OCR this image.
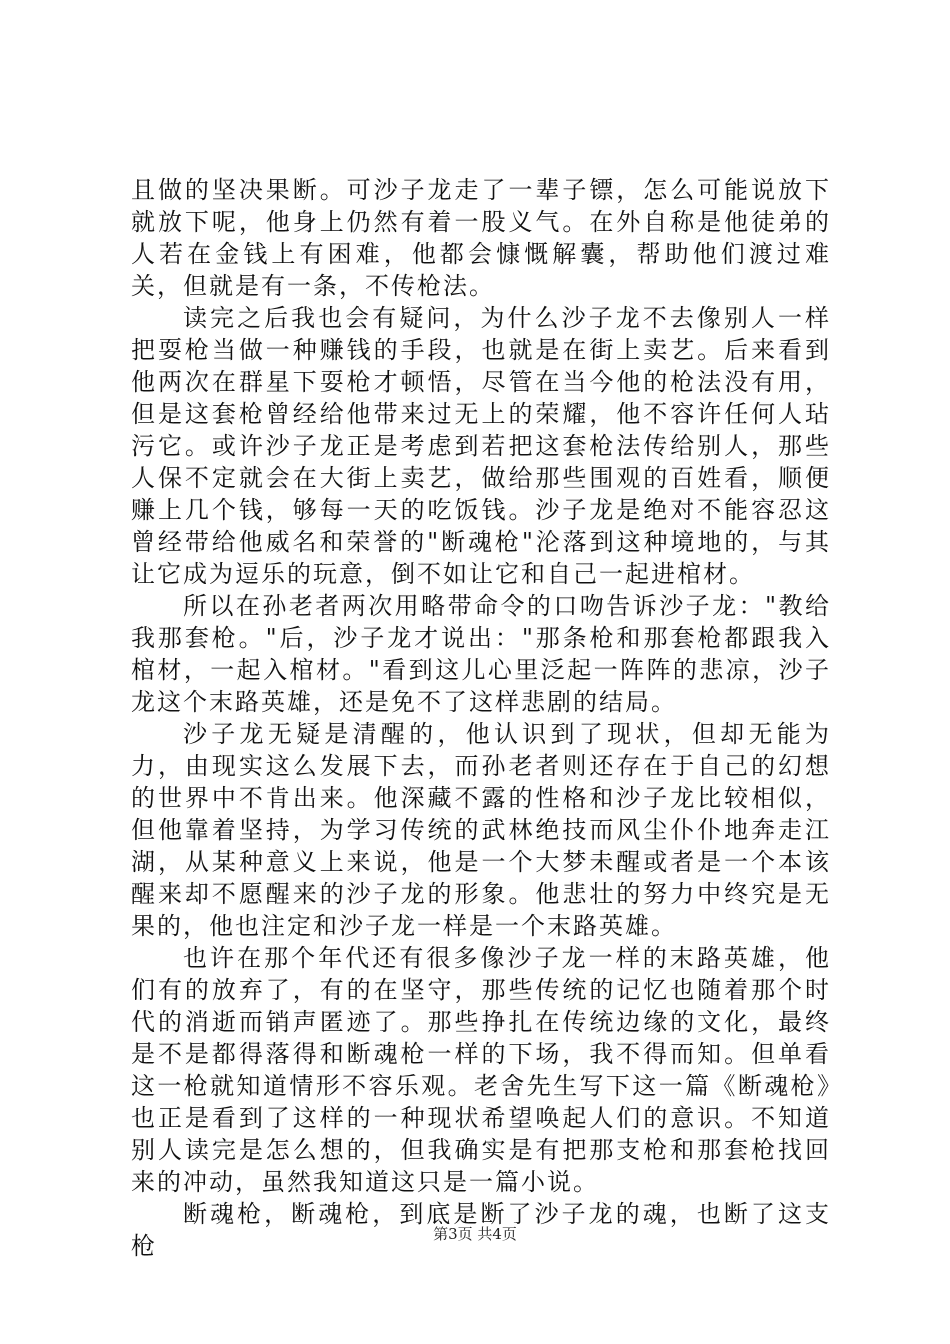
且做的坚决果断。可沙子龙走了一辈子镖，怎么可能说放下就放下呢，他身上仍然有着一股义气。在外自称是他徒弟的人若在金钱上有困难，他都会慷慨解囊，帮助他们渡过难关，但就是有一条，不传枪法。

读完之后我也会有疑问，为什么沙子龙不去像别人一样把耍枪当做一种赚钱的手段，也就是在街上卖艺。后来看到他两次在群星下耍枪才顿悟，尽管在当今他的枪法没有用，但是这套枪曾经给他带来过无上的荣耀，他不容许任何人玷污它。或许沙子龙正是考虑到若把这套枪法传给别人，那些人保不定就会在大街上卖艺，做给那些围观的百姓看，顺便赚上几个钱，够每一天的吃饭钱。沙子龙是绝对不能容忍这曾经带给他威名和荣誉的"断魂枪"沦落到这种境地的，与其让它成为逗乐的玩意，倒不如让它和自己一起进棺材。

所以在孙老者两次用略带命令的口吻告诉沙子龙："教给我那套枪。"后，沙子龙才说出："那条枪和那套枪都跟我入棺材，一起入棺材。"看到这儿心里泛起一阵阵的悲凉，沙子龙这个末路英雄，还是免不了这样悲剧的结局。

沙子龙无疑是清醒的，他认识到了现状，但却无能为力，由现实这么发展下去，而孙老者则还存在于自己的幻想的世界中不肯出来。他深藏不露的性格和沙子龙比较相似，但他靠着坚持，为学习传统的武林绝技而风尘仆仆地奔走江湖，从某种意义上来说，他是一个大梦未醒或者是一个本该醒来却不愿醒来的沙子龙的形象。他悲壮的努力中终究是无果的，他也注定和沙子龙一样是一个末路英雄。

也许在那个年代还有很多像沙子龙一样的末路英雄，他们有的放弃了，有的在坚守，那些传统的记忆也随着那个时代的消逝而销声匿迹了。那些挣扎在传统边缘的文化，最终是不是都得落得和断魂枪一样的下场，我不得而知。但单看这一枪就知道情形不容乐观。老舍先生写下这一篇《断魂枪》也正是看到了这样的一种现状希望唤起人们的意识。不知道别人读完是怎么想的，但我确实是有把那支枪和那套枪找回来的冲动，虽然我知道这只是一篇小说。

断魂枪，断魂枪，到底是断了沙子龙的魂，也断了这支枪	第3页 共4页
